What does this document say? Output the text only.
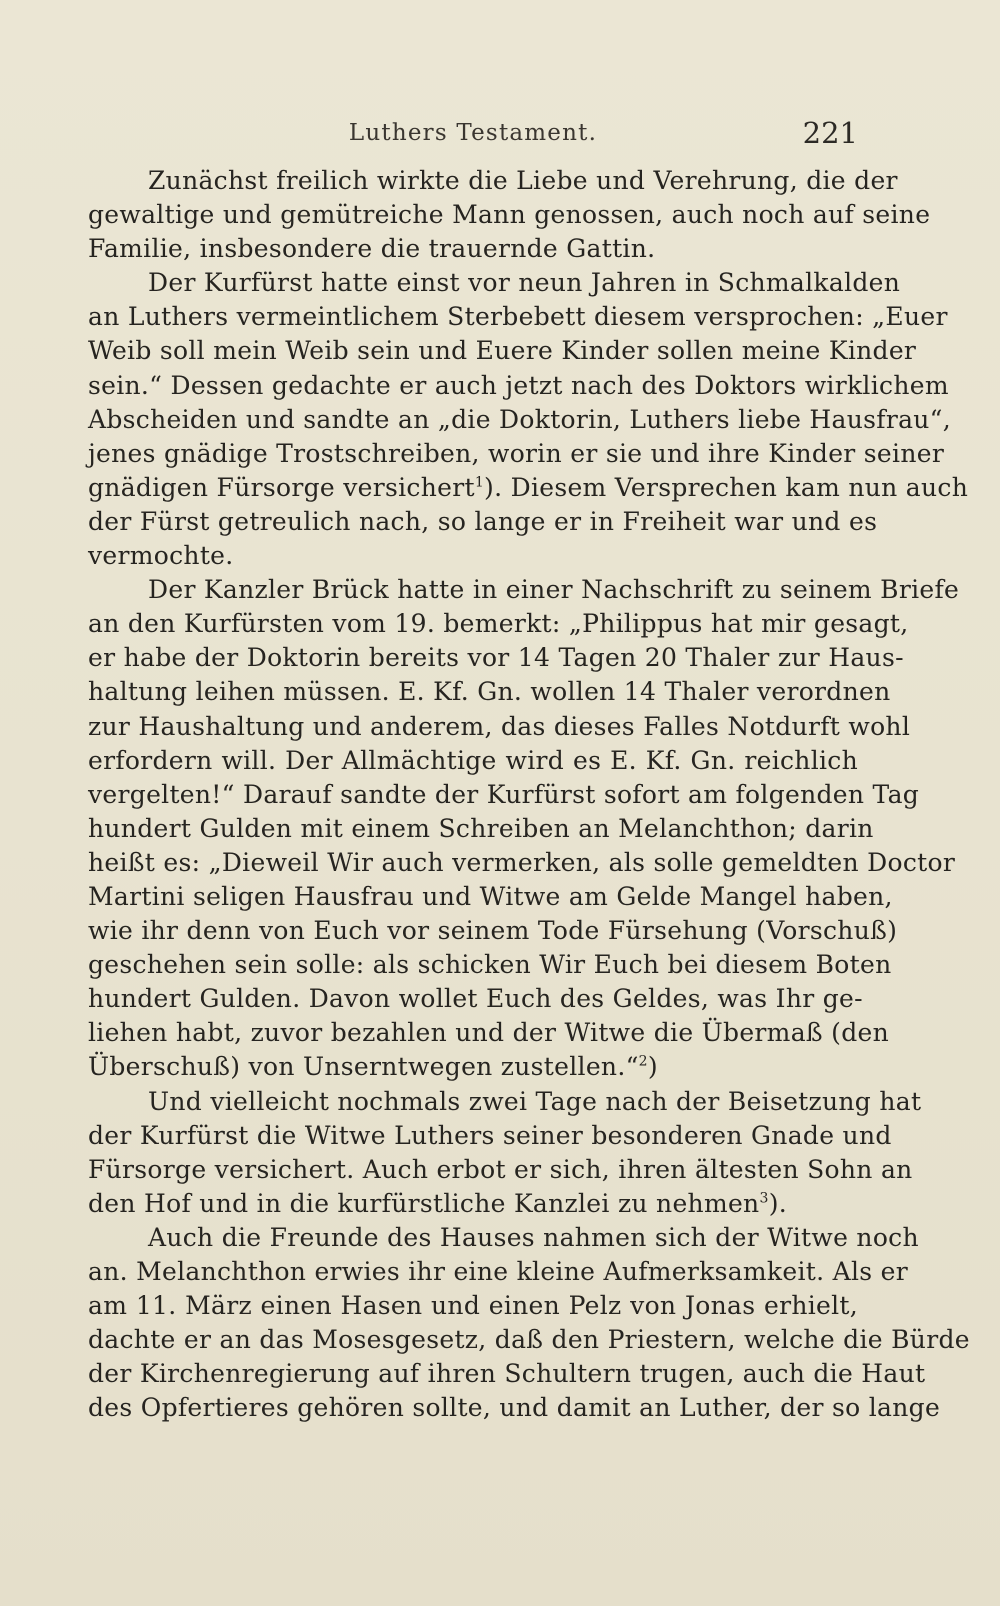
Luthers Testament.	221
Zunächst freilich wirkte die Liebe und Verehrung, die der
gewaltige und gemütreiche Mann genossen, auch noch auf seine
Familie, insbesondere die trauernde Gattin.
Der Kurfürst hatte einst vor neun Jahren in Schmalkalden
an Luthers vermeintlichem Sterbebett diesem versprochen: „Euer
Weib soll mein Weib sein und Euere Kinder sollen meine Kinder
sein.“ Dessen gedachte er auch jetzt nach des Doktors wirklichem
Abscheiden und sandte an „die Doktorin, Luthers liebe Hausfrau“,
jenes gnädige Trostschreiben, worin er sie und ihre Kinder seiner
gnädigen Fürsorge versichert$^1$). Diesem Versprechen kam nun auch
der Fürst getreulich nach, so lange er in Freiheit war und es
vermochte.
Der Kanzler Brück hatte in einer Nachschrift zu seinem Briefe
an den Kurfürsten vom 19. bemerkt: „Philippus hat mir gesagt,
er habe der Doktorin bereits vor 14 Tagen 20 Thaler zur Haus-
haltung leihen müssen. E. Kf. Gn. wollen 14 Thaler verordnen
zur Haushaltung und anderem, das dieses Falles Notdurft wohl
erfordern will. Der Allmächtige wird es E. Kf. Gn. reichlich
vergelten!“ Darauf sandte der Kurfürst sofort am folgenden Tag
hundert Gulden mit einem Schreiben an Melanchthon; darin
heißt es: „Dieweil Wir auch vermerken, als solle gemeldten Doctor
Martini seligen Hausfrau und Witwe am Gelde Mangel haben,
wie ihr denn von Euch vor seinem Tode Fürsehung (Vorschuß)
geschehen sein solle: als schicken Wir Euch bei diesem Boten
hundert Gulden. Davon wollet Euch des Geldes, was Ihr ge-
liehen habt, zuvor bezahlen und der Witwe die Übermaß (den
Überschuß) von Unserntwegen zustellen.“$^2$)
Und vielleicht nochmals zwei Tage nach der Beisetzung hat
der Kurfürst die Witwe Luthers seiner besonderen Gnade und
Fürsorge versichert. Auch erbot er sich, ihren ältesten Sohn an
den Hof und in die kurfürstliche Kanzlei zu nehmen$^3$).
Auch die Freunde des Hauses nahmen sich der Witwe noch
an. Melanchthon erwies ihr eine kleine Aufmerksamkeit. Als er
am 11. März einen Hasen und einen Pelz von Jonas erhielt,
dachte er an das Mosesgesetz, daß den Priestern, welche die Bürde
der Kirchenregierung auf ihren Schultern trugen, auch die Haut
des Opfertieres gehören sollte, und damit an Luther, der so lange
